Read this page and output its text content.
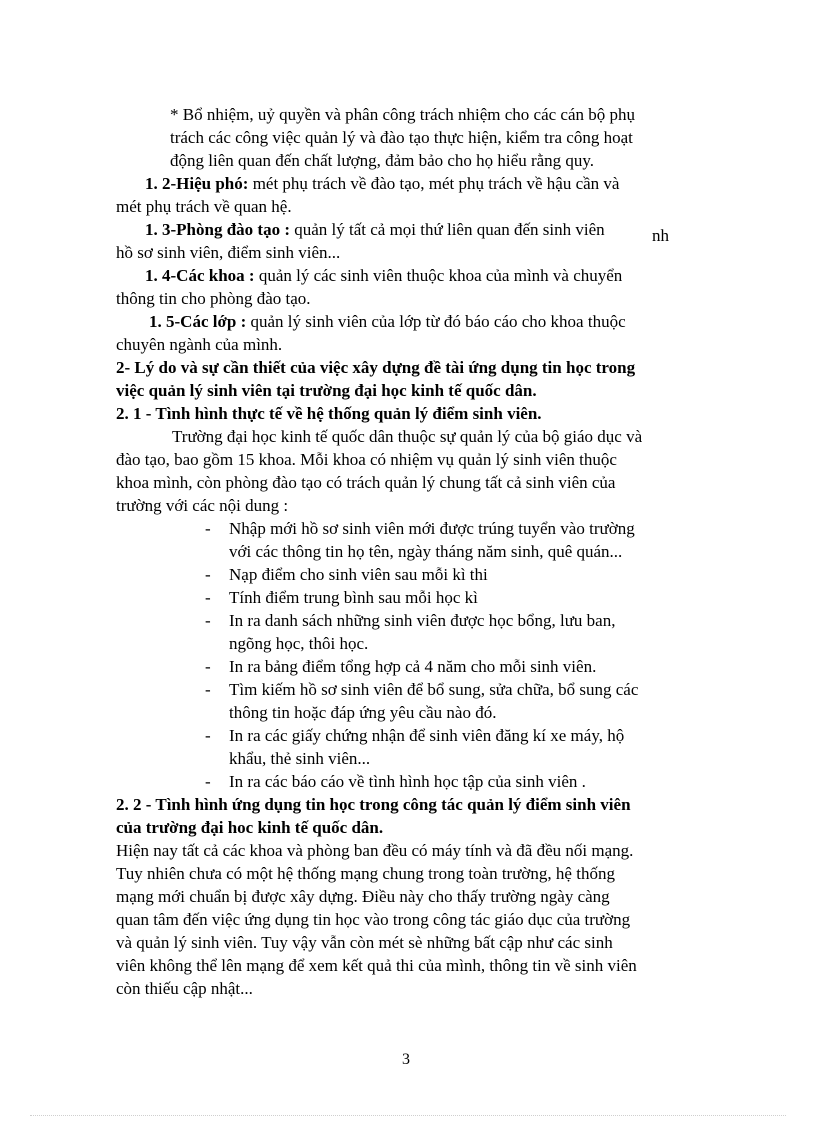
* Bổ nhiệm, uỷ quyền và phân công trách nhiệm cho các cán bộ phụ
trách các công việc quản lý và đào tạo thực hiện, kiểm tra công hoạt
động liên quan đến chất lượng, đảm bảo cho họ hiểu rằng quy.
1. 2-Hiệu phó: mét phụ trách về đào tạo, mét phụ trách về hậu cần và
mét phụ trách về quan hệ.
1. 3-Phòng đào tạo : quản lý tất cả mọi thứ liên quan đến sinh viên	nh
hồ sơ sinh viên, điểm sinh viên...
1. 4-Các khoa : quản lý các sinh viên thuộc khoa của mình và chuyển
thông tin cho phòng đào tạo.
1. 5-Các lớp : quản lý sinh viên của lớp từ đó báo cáo cho khoa thuộc
chuyên ngành của mình.
2- Lý do và sự cần thiết của việc xây dựng đề tài ứng dụng tin học trong
việc quản lý sinh viên tại trường đại học kinh tế quốc dân.
2. 1 - Tình hình thực tế về hệ thống quản lý điểm sinh viên.
Trường đại học kinh tế quốc dân thuộc sự quản lý của bộ giáo dục và
đào tạo, bao gồm 15 khoa. Mỗi khoa có nhiệm vụ quản lý sinh viên thuộc
khoa mình, còn phòng đào tạo có trách quản lý chung tất cả sinh viên của
trường với các nội dung :
- Nhập mới hồ sơ sinh viên mới được trúng tuyển vào trường
với các thông tin họ tên, ngày tháng năm sinh, quê quán...
- Nạp điểm cho sinh viên sau mỗi kì thi
- Tính điểm trung bình sau mỗi học kì
- In ra danh sách những sinh viên được học bổng, lưu ban,
ngõng học, thôi học.
- In ra bảng điểm tổng hợp cả 4 năm cho mỗi sinh viên.
- Tìm kiếm hồ sơ sinh viên để bổ sung, sửa chữa, bổ sung các
thông tin hoặc đáp ứng yêu cầu nào đó.
- In ra các giấy chứng nhận để sinh viên đăng kí xe máy, hộ
khẩu, thẻ sinh viên...
- In ra các báo cáo về tình hình học tập của sinh viên .
2. 2 - Tình hình ứng dụng tin học trong công tác quản lý điểm sinh viên
của trường đại hoc kinh tế quốc dân.
Hiện nay tất cả các khoa và phòng ban đều có máy tính và đã đều nối mạng.
Tuy nhiên chưa có một hệ thống mạng chung trong toàn trường, hệ thống
mạng mới chuẩn bị được xây dựng. Điều này cho thấy trường ngày càng
quan tâm đến việc ứng dụng tin học vào trong công tác giáo dục của trường
và quản lý sinh viên. Tuy vậy vẫn còn mét sè những bất cập như các sinh
viên không thể lên mạng để xem kết quả thi của mình, thông tin về sinh viên
còn thiếu cập nhật...
3
